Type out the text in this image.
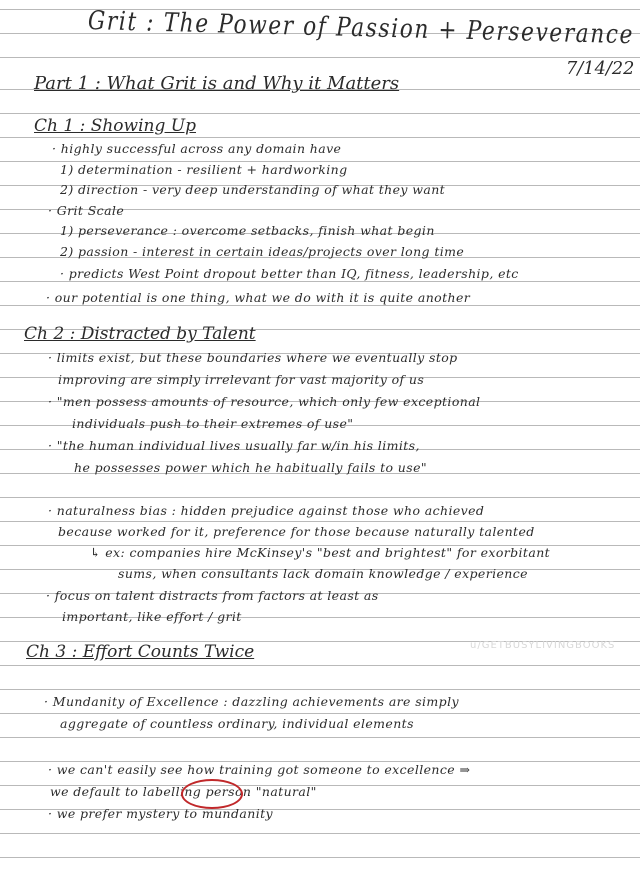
Grit : The Power of Passion + Perseverance
7/14/22
Part 1 : What Grit is and Why it Matters
Ch 1 : Showing Up
· highly successful across any domain have
1) determination - resilient + hardworking
2) direction - very deep understanding of what they want
· Grit Scale
1) perseverance : overcome setbacks, finish what begin
2) passion - interest in certain ideas/projects over long time
· predicts West Point dropout better than IQ, fitness, leadership, etc
· our potential is one thing, what we do with it is quite another
Ch 2 : Distracted by Talent
· limits exist, but these boundaries where we eventually stop
improving are simply irrelevant for vast majority of us
· "men possess amounts of resource, which only few exceptional
individuals push to their extremes of use"
· "the human individual lives usually far w/in his limits,
he possesses power which he habitually fails to use"
· naturalness bias : hidden prejudice against those who achieved
because worked for it, preference for those because naturally talented
↳ ex: companies hire McKinsey's "best and brightest" for exorbitant
sums, when consultants lack domain knowledge / experience
· focus on talent distracts from factors at least as
important, like effort / grit
Ch 3 : Effort Counts Twice
· Mundanity of Excellence : dazzling achievements are simply
aggregate of countless ordinary, individual elements
· we can't easily see how training got someone to excellence ⇒
we default to labelling person "natural"
· we prefer mystery to mundanity
u/GETBUSYLIVINGBOOKS
